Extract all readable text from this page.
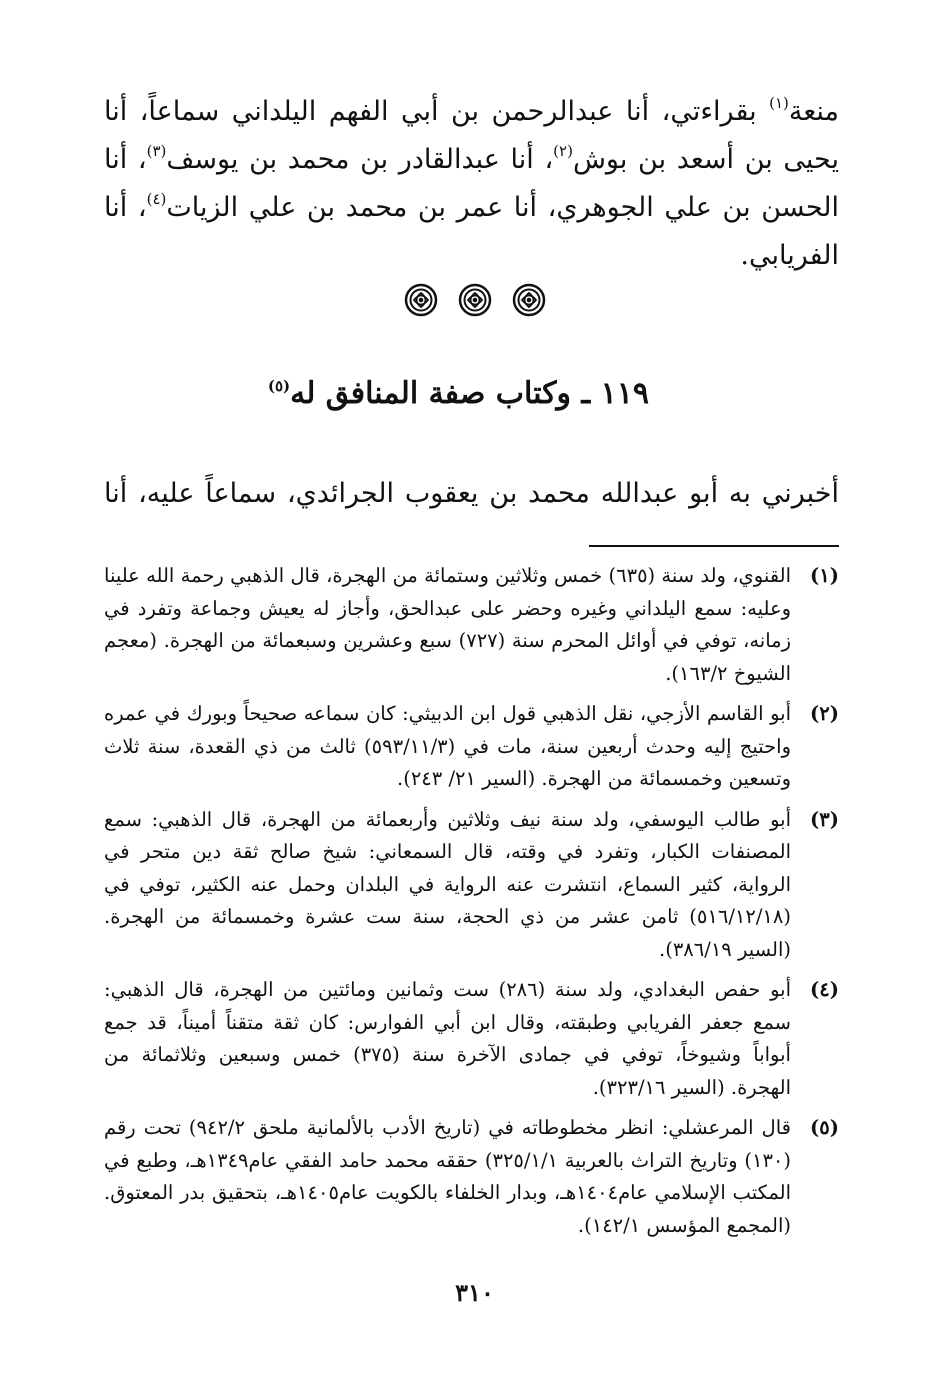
منعة$^{(١)}$ بقراءتي، أنا عبدالرحمن بن أبي الفهم اليلداني سماعاً، أنا يحيى بن أسعد بن بوش$^{(٢)}$، أنا عبدالقادر بن محمد بن يوسف$^{(٣)}$، أنا الحسن بن علي الجوهري، أنا عمر بن محمد بن علي الزيات$^{(٤)}$، أنا الفريابي.

١١٩ ـ وكتاب صفة المنافق له$^{(٥)}$
أخبرني به أبو عبدالله محمد بن يعقوب الجرائدي، سماعاً عليه، أنا
(١)
القنوي، ولد سنة (٦٣٥) خمس وثلاثين وستمائة من الهجرة، قال الذهبي رحمة الله علينا وعليه: سمع اليلداني وغيره وحضر على عبدالحق، وأجاز له يعيش وجماعة وتفرد في زمانه، توفي في أوائل المحرم سنة (٧٢٧) سبع وعشرين وسبعمائة من الهجرة. (معجم الشيوخ ١٦٣/٢).
(٢)
أبو القاسم الأزجي، نقل الذهبي قول ابن الدبيثي: كان سماعه صحيحاً وبورك في عمره واحتيج إليه وحدث أربعين سنة، مات في (٥٩٣/١١/٣) ثالث من ذي القعدة، سنة ثلاث وتسعين وخمسمائة من الهجرة. (السير ٢١/ ٢٤٣).
(٣)
أبو طالب اليوسفي، ولد سنة نيف وثلاثين وأربعمائة من الهجرة، قال الذهبي: سمع المصنفات الكبار، وتفرد في وقته، قال السمعاني: شيخ صالح ثقة دين متحر في الرواية، كثير السماع، انتشرت عنه الرواية في البلدان وحمل عنه الكثير، توفي في (٥١٦/١٢/١٨) ثامن عشر من ذي الحجة، سنة ست عشرة وخمسمائة من الهجرة. (السير ٣٨٦/١٩).
(٤)
أبو حفص البغدادي، ولد سنة (٢٨٦) ست وثمانين ومائتين من الهجرة، قال الذهبي: سمع جعفر الفريابي وطبقته، وقال ابن أبي الفوارس: كان ثقة متقناً أميناً، قد جمع أبواباً وشيوخاً، توفي في جمادى الآخرة سنة (٣٧٥) خمس وسبعين وثلاثمائة من الهجرة. (السير ٣٢٣/١٦).
(٥)
قال المرعشلي: انظر مخطوطاته في (تاريخ الأدب بالألمانية ملحق ٩٤٢/٢) تحت رقم (١٣٠) وتاريخ التراث بالعربية ٣٢٥/١/١) حققه محمد حامد الفقي عام١٣٤٩هـ، وطبع في المكتب الإسلامي عام١٤٠٤هـ، وبدار الخلفاء بالكويت عام١٤٠٥هـ، بتحقيق بدر المعتوق. (المجمع المؤسس ١٤٢/١).
٣١٠
